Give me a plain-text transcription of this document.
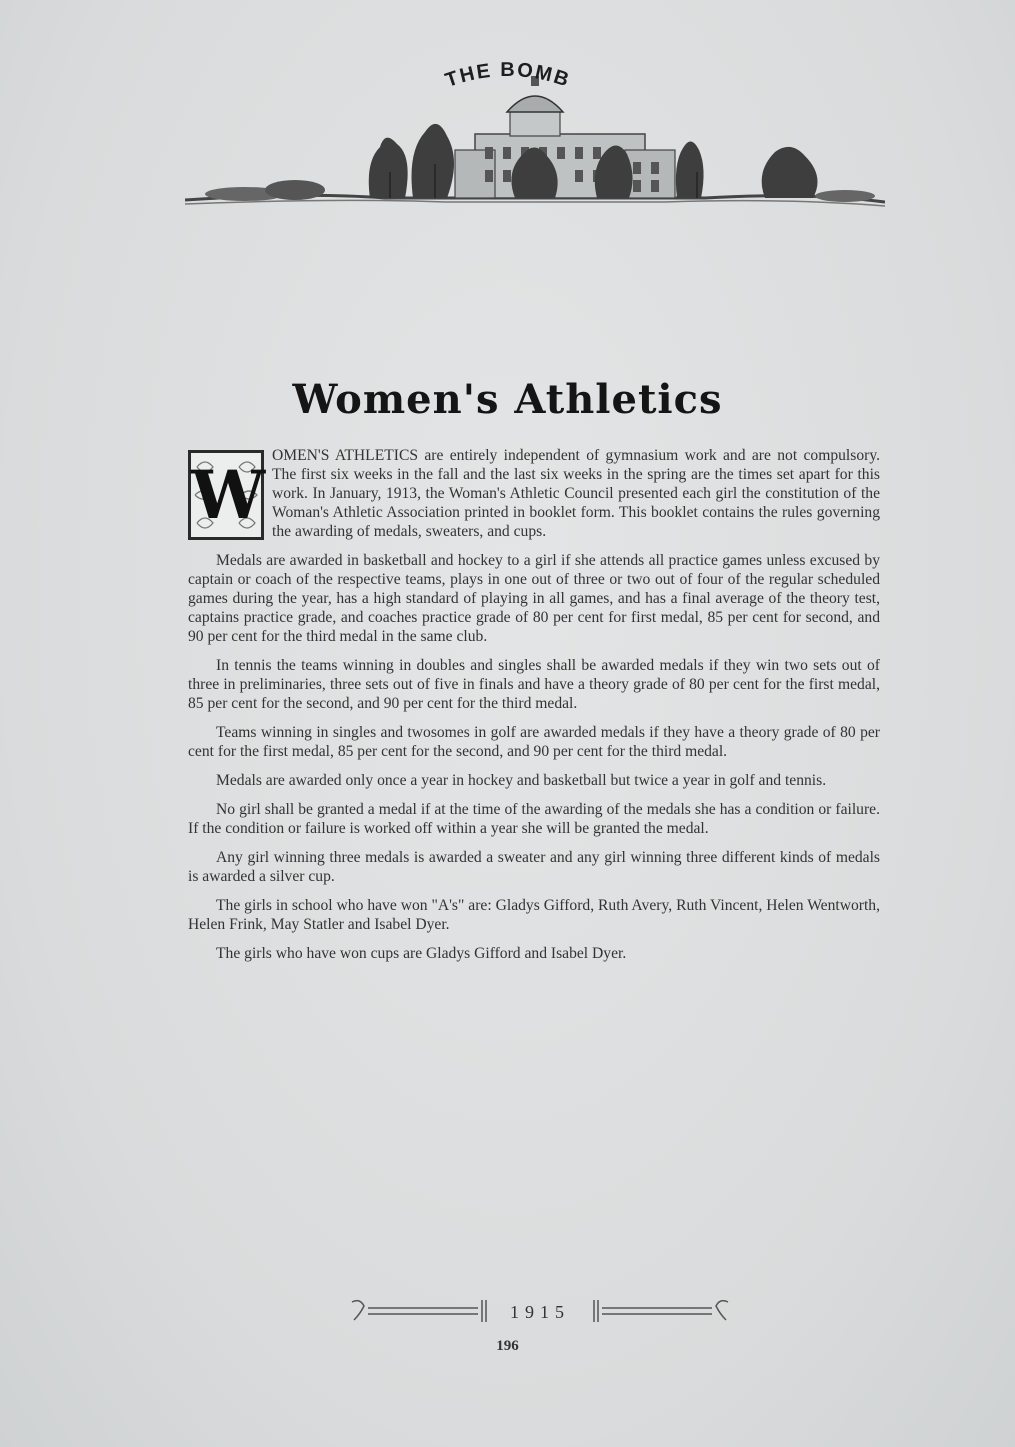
THE BOMB
Women's Athletics

W
OMEN'S ATHLETICS are entirely independent of gymnasium work and are not compulsory. The first six weeks in the fall and the last six weeks in the spring are the times set apart for this work. In January, 1913, the Woman's Athletic Council presented each girl the constitution of the Woman's Athletic Association printed in booklet form. This booklet contains the rules governing the awarding of medals, sweaters, and cups.

Medals are awarded in basketball and hockey to a girl if she attends all practice games unless excused by captain or coach of the respective teams, plays in one out of three or two out of four of the regular scheduled games during the year, has a high standard of playing in all games, and has a final average of the theory test, captains practice grade, and coaches practice grade of 80 per cent for first medal, 85 per cent for second, and 90 per cent for the third medal in the same club.

In tennis the teams winning in doubles and singles shall be awarded medals if they win two sets out of three in preliminaries, three sets out of five in finals and have a theory grade of 80 per cent for the first medal, 85 per cent for the second, and 90 per cent for the third medal.

Teams winning in singles and twosomes in golf are awarded medals if they have a theory grade of 80 per cent for the first medal, 85 per cent for the second, and 90 per cent for the third medal.

Medals are awarded only once a year in hockey and basketball but twice a year in golf and tennis.

No girl shall be granted a medal if at the time of the awarding of the medals she has a condition or failure. If the condition or failure is worked off within a year she will be granted the medal.

Any girl winning three medals is awarded a sweater and any girl winning three different kinds of medals is awarded a silver cup.

The girls in school who have won "A's" are: Gladys Gifford, Ruth Avery, Ruth Vincent, Helen Wentworth, Helen Frink, May Statler and Isabel Dyer.

The girls who have won cups are Gladys Gifford and Isabel Dyer.

1915
196
